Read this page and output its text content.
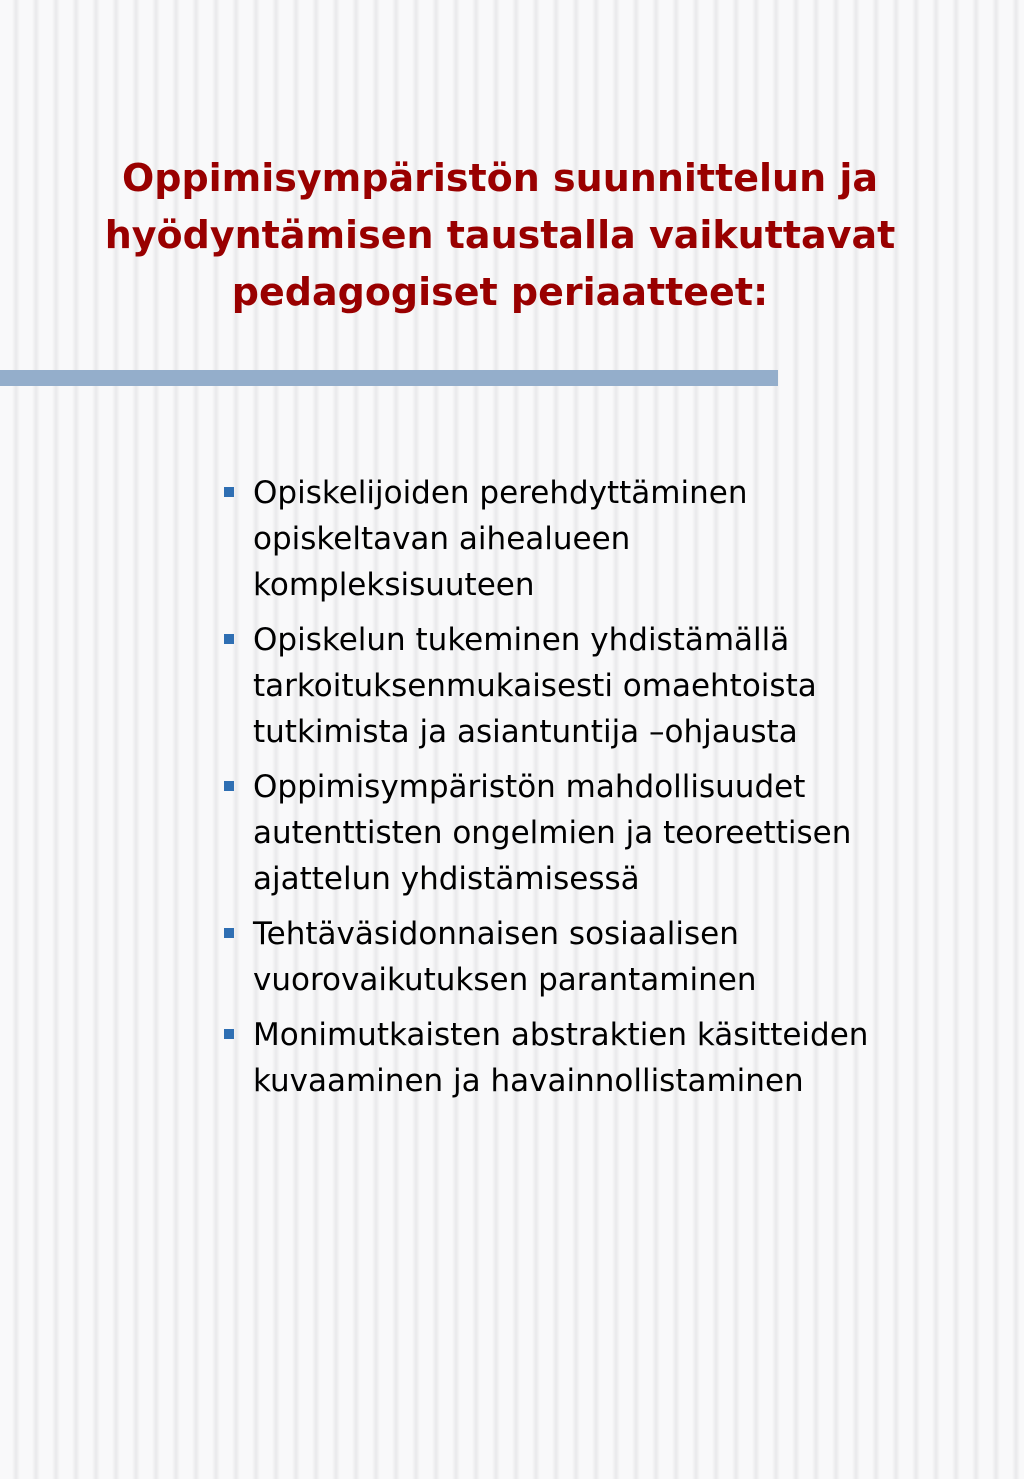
Oppimisympäristön suunnittelun ja hyödyntämisen taustalla vaikuttavat pedagogiset periaatteet:
Opiskelijoiden perehdyttäminen opiskeltavan aihealueen kompleksisuuteen
Opiskelun tukeminen yhdistämällä tarkoituksenmukaisesti omaehtoista tutkimista ja asiantuntija –ohjausta
Oppimisympäristön mahdollisuudet autenttisten ongelmien ja teoreettisen ajattelun yhdistämisessä
Tehtäväsidonnaisen sosiaalisen vuorovaikutuksen parantaminen
Monimutkaisten abstraktien käsitteiden kuvaaminen ja havainnollistaminen
